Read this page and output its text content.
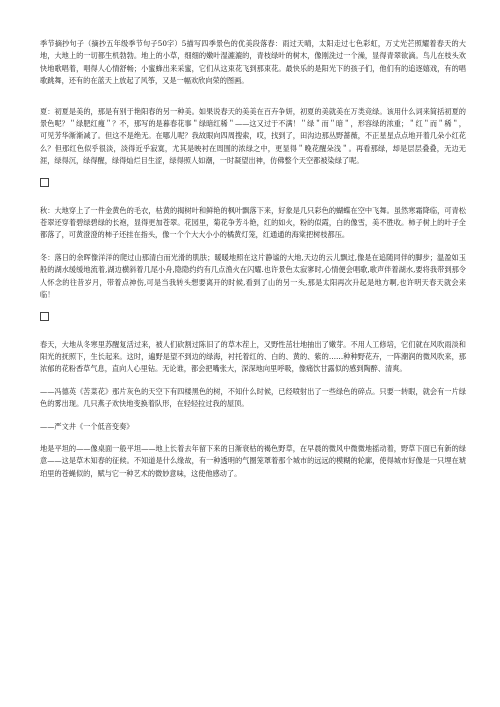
季节摘抄句子（摘抄五年级季节句子50字）5描写四季景色的优美段落春：雨过天晴，太阳走过七色彩虹，万丈光芒照耀着春天的大地，大地上的一切都生机勃勃。地上的小草，细细的嫩叶湿漉漉的，青枝绿叶的树木，像刚洗过一个澡，显得青翠欲滴。鸟儿在枝头欢快地歌唱着，唱得人心情舒畅；小蜜蜂出来采蜜，它们从这束花飞到那束花。最快乐的是阳光下的孩子们，他们有的追逐嬉戏，有的唱歌跳舞，还有的在蓝天上放起了风筝，又是一幅欢欣向荣的图画。

夏：初夏是美的，那是有别于艳阳春的另一种美。如果说春天的美美在百卉争妍，初夏的美就美在万类竞绿。该用什么词来简括初夏的景色呢？＂绿肥红瘦＂？不，那写的是暮春花事＂绿暗红稀＂——这又过于不满！＂绿＂而＂暗＂，形容绿的浓重；＂红＂而＂稀＂，可见芳华渐渐减了。但这不是绝无。在哪儿呢？我故眼向四周搜索，哎，找到了，田沟边那丛野蔷薇，不正星星点点地开着几朵小红花么？但那红色似乎很淡，淡得近乎寂寞，尤其是映衬在周围的浓绿之中，更显得＂晚花醒朵浅＂。再看那绿，却是层层叠叠，无边无涯，绿得沉，绿得醒，绿得灿烂目生涩，绿得照人如潮，一时凝望出神，仿佛整个天空都被染绿了呢。

秋：大地穿上了一件金黄色的毛衣，枯黄的揭树叶和鲜艳的枫叶飘落下来，好象是几只彩色的蝴蝶在空中飞舞。虽然寒霜降临，可青松苍翠还穿着碧绿碧绿的长袍，显得更加苍翠。花园里，菊花争芳斗艳，红的如火，粉的似霞，白的像雪，美不胜收。柿子树上的叶子全都落了，可黄澄澄的柿子还挂在指头，像一个个大大小小的橘黄灯笼，红通通的海棠把树枝都压。

冬：落日的余晖像洋洋的爬过山那清白而光滑的肌肤；暖暖地照在这片静谧的大地,天边的云儿飘过,像是在追随同伴的脚步；温盈如玉般的湖水缓缓地流着,湖边横斜着几尾小舟,隐隐约约有几点渔火在闪耀.也许景色太寂寥时,心情便会唱歌,歌声伴着湖水,要将我带到那令人怀念的往昔岁月，带着点神伤,可是当我转头想要离开的时候,看到了山的另一头,那是太阳再次升起是地方啊,也许明天春天就会来临！

春天，大地从冬寒里苏醒复活过来，被人们砍割过陈旧了的草木茬上，又野性茁壮地抽出了嫩芽。不用人工修培，它们就在风吹雨淡和阳光的抚照下，生长起来。这时，遍野是望不到边的绿海，衬托着红的、白的、黄的、紫的……种种野花卉，一阵潮润的微风吹来，那浓郁的花粉香草气息，直向人心里钻。无论谁，都会把嘴张大，深深地向里呼吸，像痛饮甘露似的感到陶醉、清爽。

——冯德英《苦菜花》那片灰色的天空下有四楼黑色的树，不知什么时候，已经喷射出了一些绿色的碎点。只要一转眼，就会有一片绿色的雾出现。几只燕子欢快地变换着队形，在轻轻拉过我的屋顶。

——严文井《一个低音变奏》

地是平坦的——像桌面一般平坦——地上长着去年留下来的日渐衰枯的褐色野草，在早晨的微风中微微地摇动着，野草下面已有新的绿意——这是草木知春的征候。不知道是什么缘故，有一种透明的气圈笼罩着那个城市的远远的模糊的轮廓，使得城市好像是一只埋在琥珀里的苍蝇似的，赋与它一种艺术的微妙意味，这使他感动了。
